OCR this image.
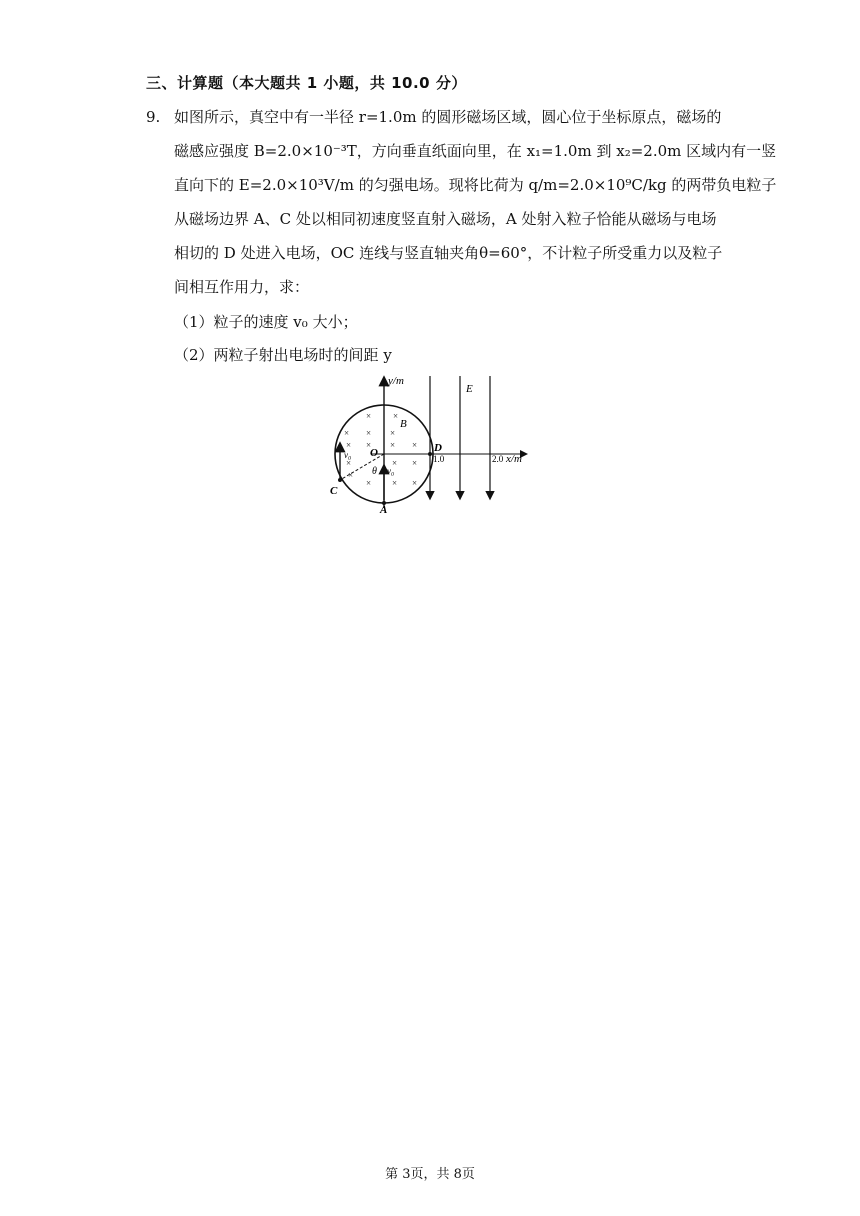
三、计算题（本大题共 1 小题，共 10.0 分）
9. 如图所示，真空中有一半径 r=1.0m 的圆形磁场区域，圆心位于坐标原点，磁场的
磁感应强度 B=2.0×10⁻³T，方向垂直纸面向里，在 x₁=1.0m 到 x₂=2.0m 区域内有一竖
直向下的 E=2.0×10³V/m 的匀强电场。现将比荷为 q/m=2.0×10⁹C/kg 的两带负电粒子
从磁场边界 A、C 处以相同初速度竖直射入磁场，A 处射入粒子恰能从磁场与电场
相切的 D 处进入电场，OC 连线与竖直轴夹角θ=60°，不计粒子所受重力以及粒子
间相互作用力，求：
（1）粒子的速度 v₀ 大小；
（2）两粒子射出电场时的间距 y
× ×
× × ×
× × × ×
×	× ×
× × ×
×
y/m
x/m
1.0	2.0
E
B
O	D
A
C
θ
v₀
v₀
第 3页，共 8页
